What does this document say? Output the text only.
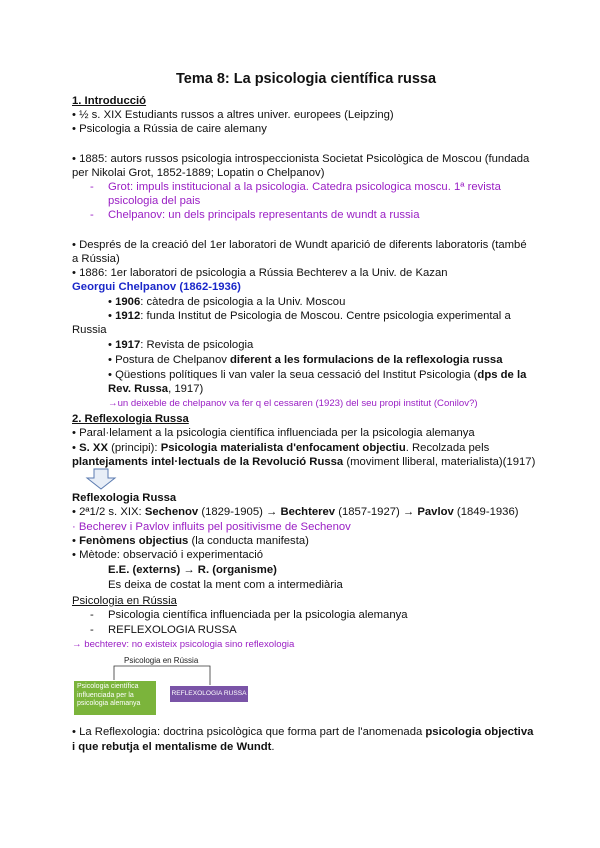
Tema 8: La psicologia científica russa
1. Introducció
• ½ s. XIX Estudiants russos a altres univer. europees (Leipzing)
• Psicologia a Rússia de caire alemany
• 1885: autors russos psicologia introspeccionista Societat Psicològica de Moscou (fundada
per Nikolai Grot, 1852-1889; Lopatin o Chelpanov)
- Grot: impuls institucional a la psicologia. Catedra psicologica moscu. 1ª revista
psicologia del pais
- Chelpanov: un dels principals representants de wundt a russia
• Després de la creació del 1er laboratori de Wundt aparició de diferents laboratoris (també
a Rússia)
• 1886: 1er laboratori de psicologia a Rússia Bechterev a la Univ. de Kazan
Georgui Chelpanov (1862-1936)
• 1906: càtedra de psicologia a la Univ. Moscou
• 1912: funda Institut de Psicologia de Moscou. Centre psicologia experimental a
Russia
• 1917: Revista de psicologia
• Postura de Chelpanov diferent a les formulacions de la reflexologia russa
• Qüestions polítiques li van valer la seua cessació del Institut Psicologia (dps de la
Rev. Russa, 1917)
→un deixeble de chelpanov va fer q el cessaren (1923) del seu propi institut (Conilov?)
2. Reflexologia Russa
• Paral·lelament a la psicologia científica influenciada per la psicologia alemanya
• S. XX (principi): Psicologia materialista d'enfocament objectiu. Recolzada pels
plantejaments intel·lectuals de la Revolució Russa (moviment lliberal, materialista)(1917)
Reflexologia Russa
• 2ª1/2 s. XIX: Sechenov (1829-1905) → Bechterev (1857-1927) → Pavlov (1849-1936)
· Becherev i Pavlov influits pel positivisme de Sechenov
• Fenòmens objectius (la conducta manifesta)
• Mètode: observació i experimentació
E.E. (externs) → R. (organisme)
Es deixa de costat la ment com a intermediària
Psicologia en Rússia
- Psicologia científica influenciada per la psicologia alemanya
- REFLEXOLOGIA RUSSA
→ bechterev: no existeix psicologia sino reflexologia
Psicologia en Rússia
Psicologia científica influenciada per la psicologia alemanya
REFLEXOLOGIA RUSSA
• La Reflexologia: doctrina psicològica que forma part de l'anomenada psicologia objectiva
i que rebutja el mentalisme de Wundt.
